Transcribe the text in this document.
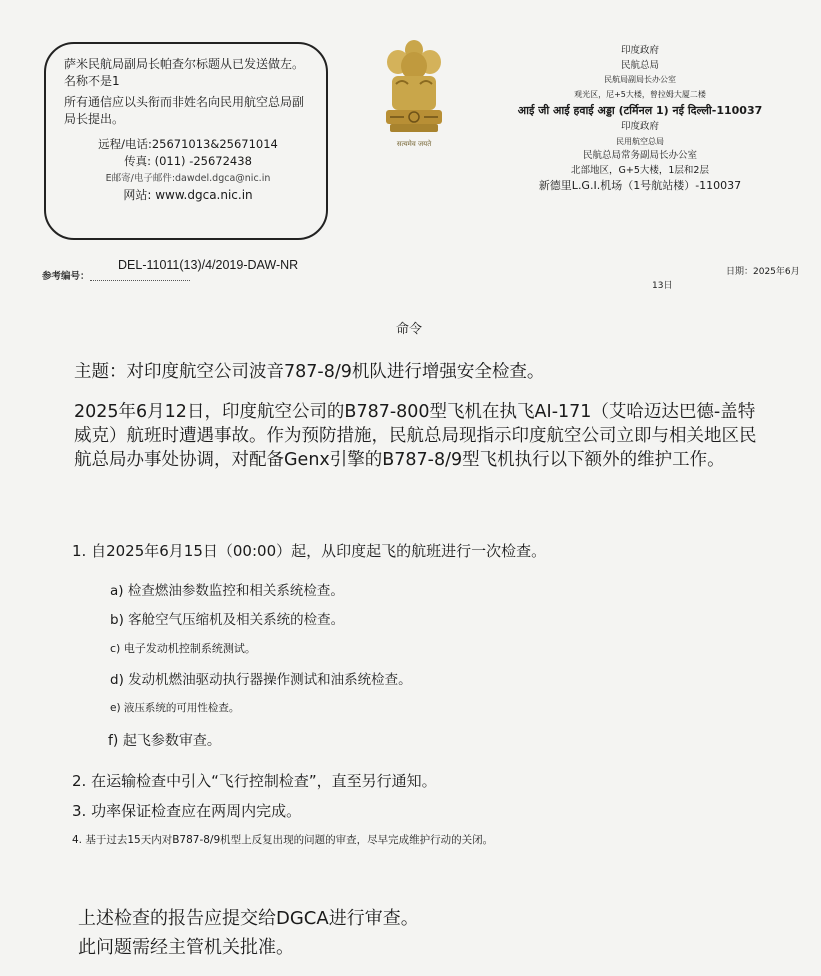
萨米民航局副局长帕查尔标题从已发送做左。名称不是1

所有通信应以头衔而非姓名向民用航空总局副局长提出。

远程/电话:25671013&25671014
传真: (011) -25672438
E邮寄/电子邮件:dawdel.dgca@nic.in
网站: www.dgca.nic.in
सत्यमेव जयते
印度政府
民航总局
民航局副局长办公室
观光区，尼+5大楼，曾拉姆大厦二楼
आई जी आई हवाई अड्डा (टर्मिनल 1) नई दिल्ली-110037
印度政府
民用航空总局
民航总局常务副局长办公室
北部地区，G+5大楼，1层和2层
新德里L.G.I.机场（1号航站楼）-110037
参考编号：
DEL-11011(13)/4/2019-DAW-NR	日期：2025年6月
13日
命令
主题：对印度航空公司波音787-8/9机队进行增强安全检查。
2025年6月12日，印度航空公司的B787-800型飞机在执飞AI-171（艾哈迈达巴德-盖特威克）航班时遭遇事故。作为预防措施，民航总局现指示印度航空公司立即与相关地区民航总局办事处协调，对配备Genx引擎的B787-8/9型飞机执行以下额外的维护工作。
1. 自2025年6月15日（00:00）起，从印度起飞的航班进行一次检查。
a) 检查燃油参数监控和相关系统检查。
b) 客舱空气压缩机及相关系统的检查。
c) 电子发动机控制系统测试。
d) 发动机燃油驱动执行器操作测试和油系统检查。
e) 液压系统的可用性检查。
f) 起飞参数审查。
2. 在运输检查中引入“飞行控制检查”，直至另行通知。
3. 功率保证检查应在两周内完成。
4. 基于过去15天内对B787-8/9机型上反复出现的问题的审查，尽早完成维护行动的关闭。
上述检查的报告应提交给DGCA进行审查。
此问题需经主管机关批准。
